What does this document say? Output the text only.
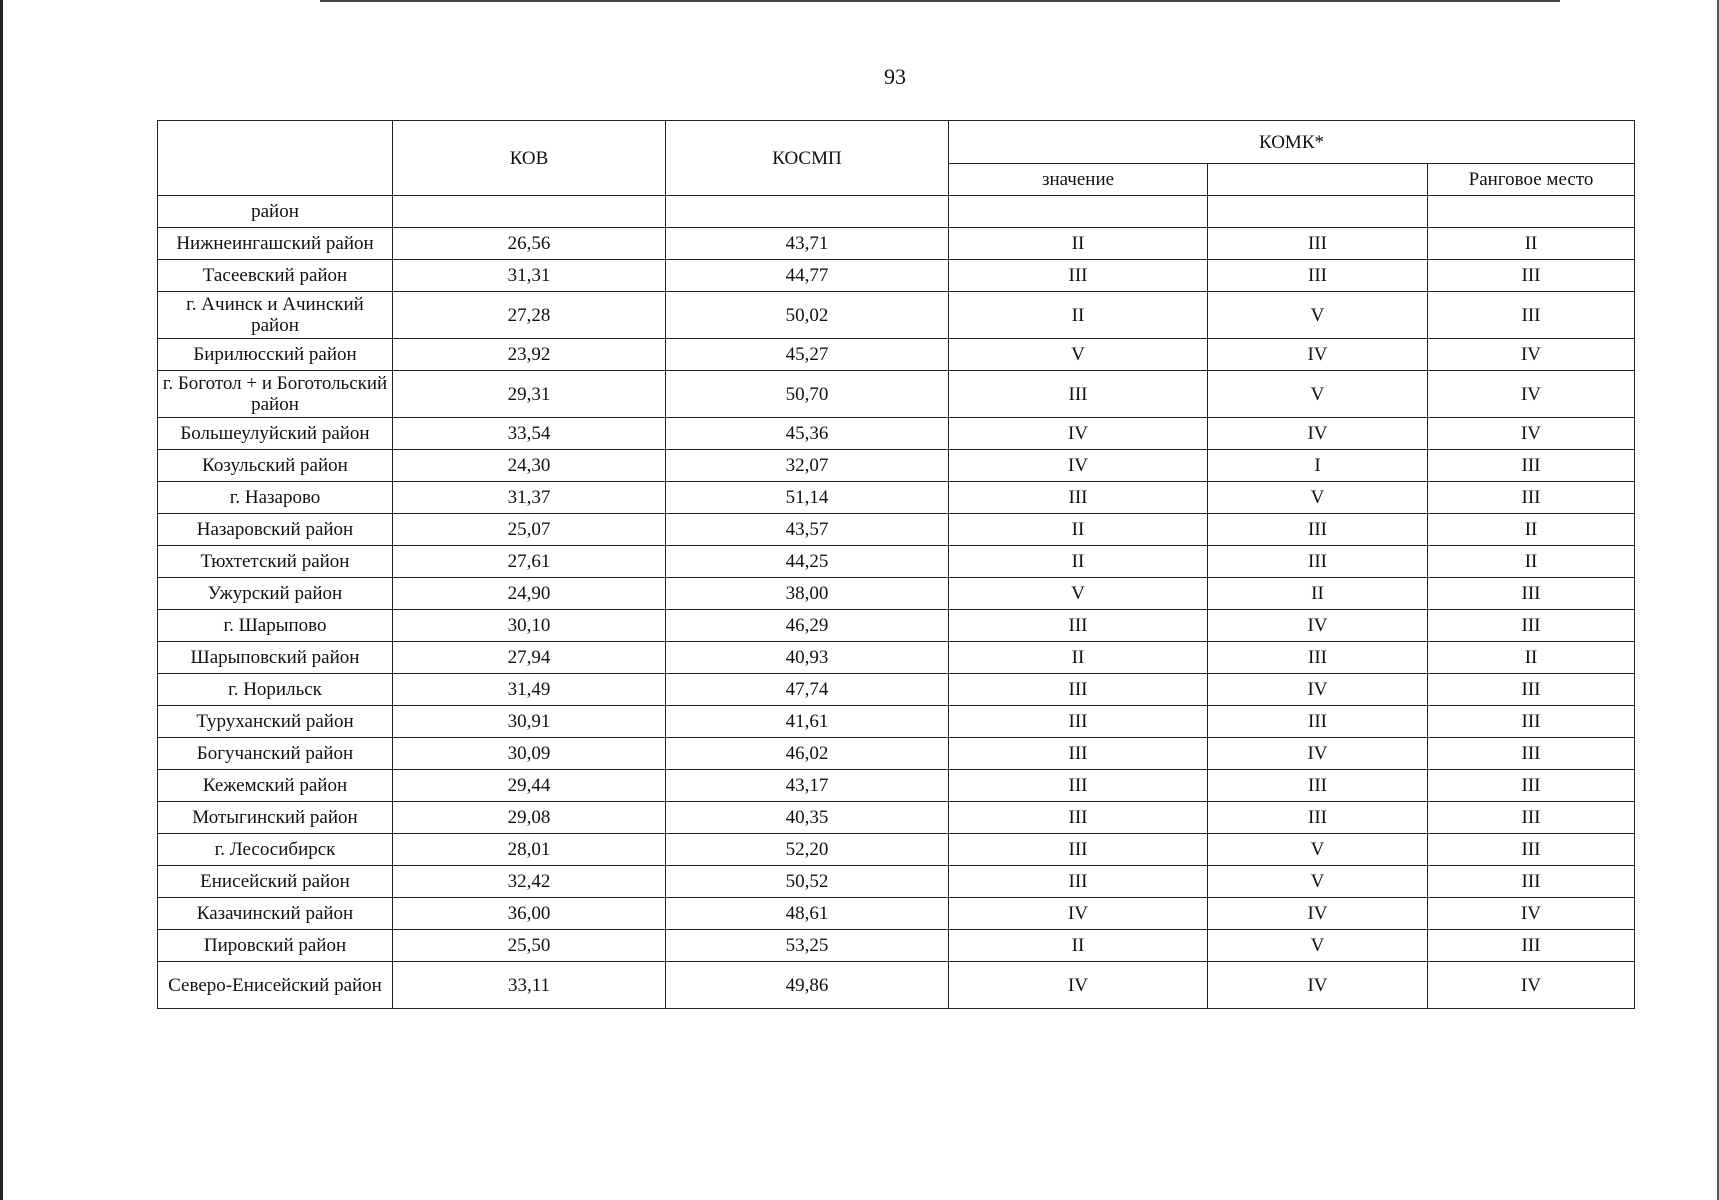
93
	КОВ	КОСМП	КОМК*		
			значение		Ранговое место
район					
Нижнеингашский район	26,56	43,71	II	III	II
Тасеевский район	31,31	44,77	III	III	III
г. Ачинск и Ачинский район	27,28	50,02	II	V	III
Бирилюсский район	23,92	45,27	V	IV	IV
г. Боготол + и Боготольский район	29,31	50,70	III	V	IV
Большеулуйский район	33,54	45,36	IV	IV	IV
Козульский район	24,30	32,07	IV	I	III
г. Назарово	31,37	51,14	III	V	III
Назаровский район	25,07	43,57	II	III	II
Тюхтетский район	27,61	44,25	II	III	II
Ужурский район	24,90	38,00	V	II	III
г. Шарыпово	30,10	46,29	III	IV	III
Шарыповский район	27,94	40,93	II	III	II
г. Норильск	31,49	47,74	III	IV	III
Туруханский район	30,91	41,61	III	III	III
Богучанский район	30,09	46,02	III	IV	III
Кежемский район	29,44	43,17	III	III	III
Мотыгинский район	29,08	40,35	III	III	III
г. Лесосибирск	28,01	52,20	III	V	III
Енисейский район	32,42	50,52	III	V	III
Казачинский район	36,00	48,61	IV	IV	IV
Пировский район	25,50	53,25	II	V	III
Северо-Енисейский район	33,11	49,86	IV	IV	IV
